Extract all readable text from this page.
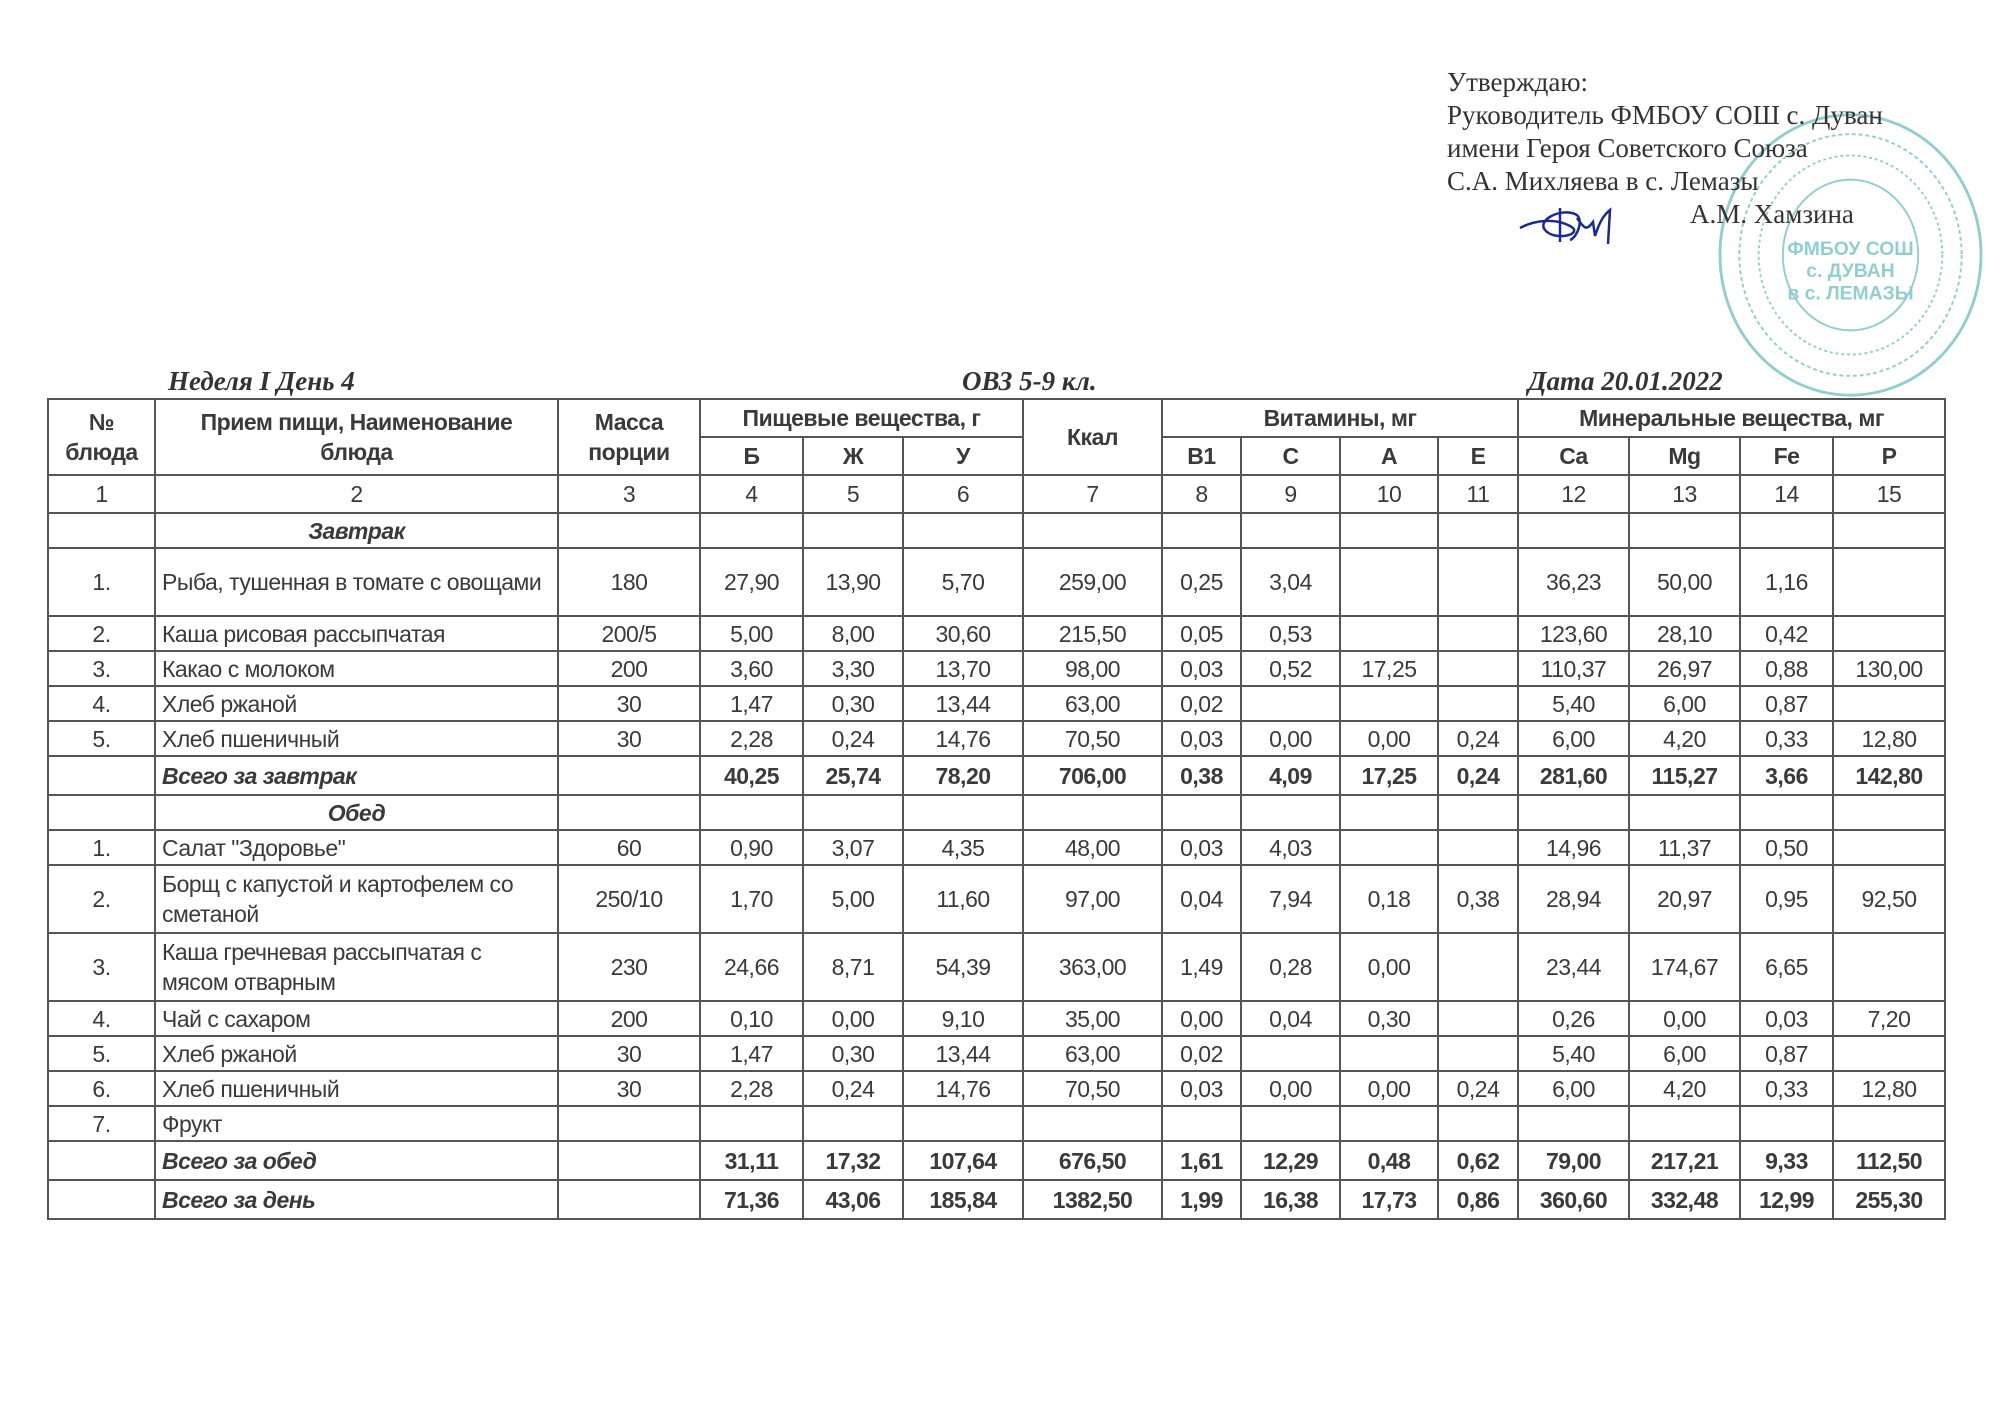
ФМБОУ СОШ
с. ДУВАН
в с. ЛЕМАЗЫ
Утверждаю:
Руководитель ФМБОУ СОШ с. Дуван
имени Героя Советского Союза
С.А. Михляева в с. Лемазы
А.М. Хамзина
Неделя I День 4	ОВЗ 5-9 кл.	Дата 20.01.2022
№ блюда	Прием пищи, Наименование блюда	Масса порции	Пищевые вещества, г			Ккал	Витамины, мг				Минеральные вещества, мг			
			Б	Ж	У		B1	C	A	E	Ca	Mg	Fe	P
1	2	3	4	5	6	7	8	9	10	11	12	13	14	15
	Завтрак													
1.	Рыба, тушенная в томате с овощами	180	27,90	13,90	5,70	259,00	0,25	3,04			36,23	50,00	1,16	
2.	Каша рисовая рассыпчатая	200/5	5,00	8,00	30,60	215,50	0,05	0,53			123,60	28,10	0,42	
3.	Какао с молоком	200	3,60	3,30	13,70	98,00	0,03	0,52	17,25		110,37	26,97	0,88	130,00
4.	Хлеб ржаной	30	1,47	0,30	13,44	63,00	0,02				5,40	6,00	0,87	
5.	Хлеб пшеничный	30	2,28	0,24	14,76	70,50	0,03	0,00	0,00	0,24	6,00	4,20	0,33	12,80
	Всего за завтрак		40,25	25,74	78,20	706,00	0,38	4,09	17,25	0,24	281,60	115,27	3,66	142,80
	Обед													
1.	Салат "Здоровье"	60	0,90	3,07	4,35	48,00	0,03	4,03			14,96	11,37	0,50	
2.	Борщ с капустой и картофелем со сметаной	250/10	1,70	5,00	11,60	97,00	0,04	7,94	0,18	0,38	28,94	20,97	0,95	92,50
3.	Каша гречневая рассыпчатая с мясом отварным	230	24,66	8,71	54,39	363,00	1,49	0,28	0,00		23,44	174,67	6,65	
4.	Чай с сахаром	200	0,10	0,00	9,10	35,00	0,00	0,04	0,30		0,26	0,00	0,03	7,20
5.	Хлеб ржаной	30	1,47	0,30	13,44	63,00	0,02				5,40	6,00	0,87	
6.	Хлеб пшеничный	30	2,28	0,24	14,76	70,50	0,03	0,00	0,00	0,24	6,00	4,20	0,33	12,80
7.	Фрукт													
	Всего за обед		31,11	17,32	107,64	676,50	1,61	12,29	0,48	0,62	79,00	217,21	9,33	112,50
	Всего за день		71,36	43,06	185,84	1382,50	1,99	16,38	17,73	0,86	360,60	332,48	12,99	255,30
